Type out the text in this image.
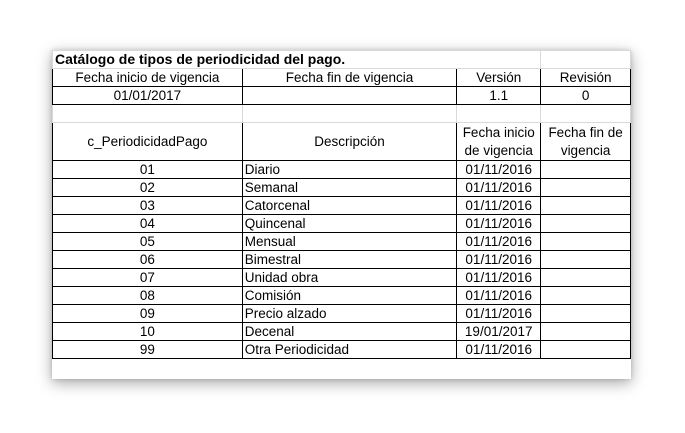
Catálogo de tipos de periodicidad del pago.			
Fecha inicio de vigencia	Fecha fin de vigencia	Versión	Revisión
01/01/2017		1.1	0

c_PeriodicidadPago	Descripción	Fecha inicio de vigencia	Fecha fin de vigencia
01	Diario	01/11/2016	
02	Semanal	01/11/2016	
03	Catorcenal	01/11/2016	
04	Quincenal	01/11/2016	
05	Mensual	01/11/2016	
06	Bimestral	01/11/2016	
07	Unidad obra	01/11/2016	
08	Comisión	01/11/2016	
09	Precio alzado	01/11/2016	
10	Decenal	19/01/2017	
99	Otra Periodicidad	01/11/2016	
